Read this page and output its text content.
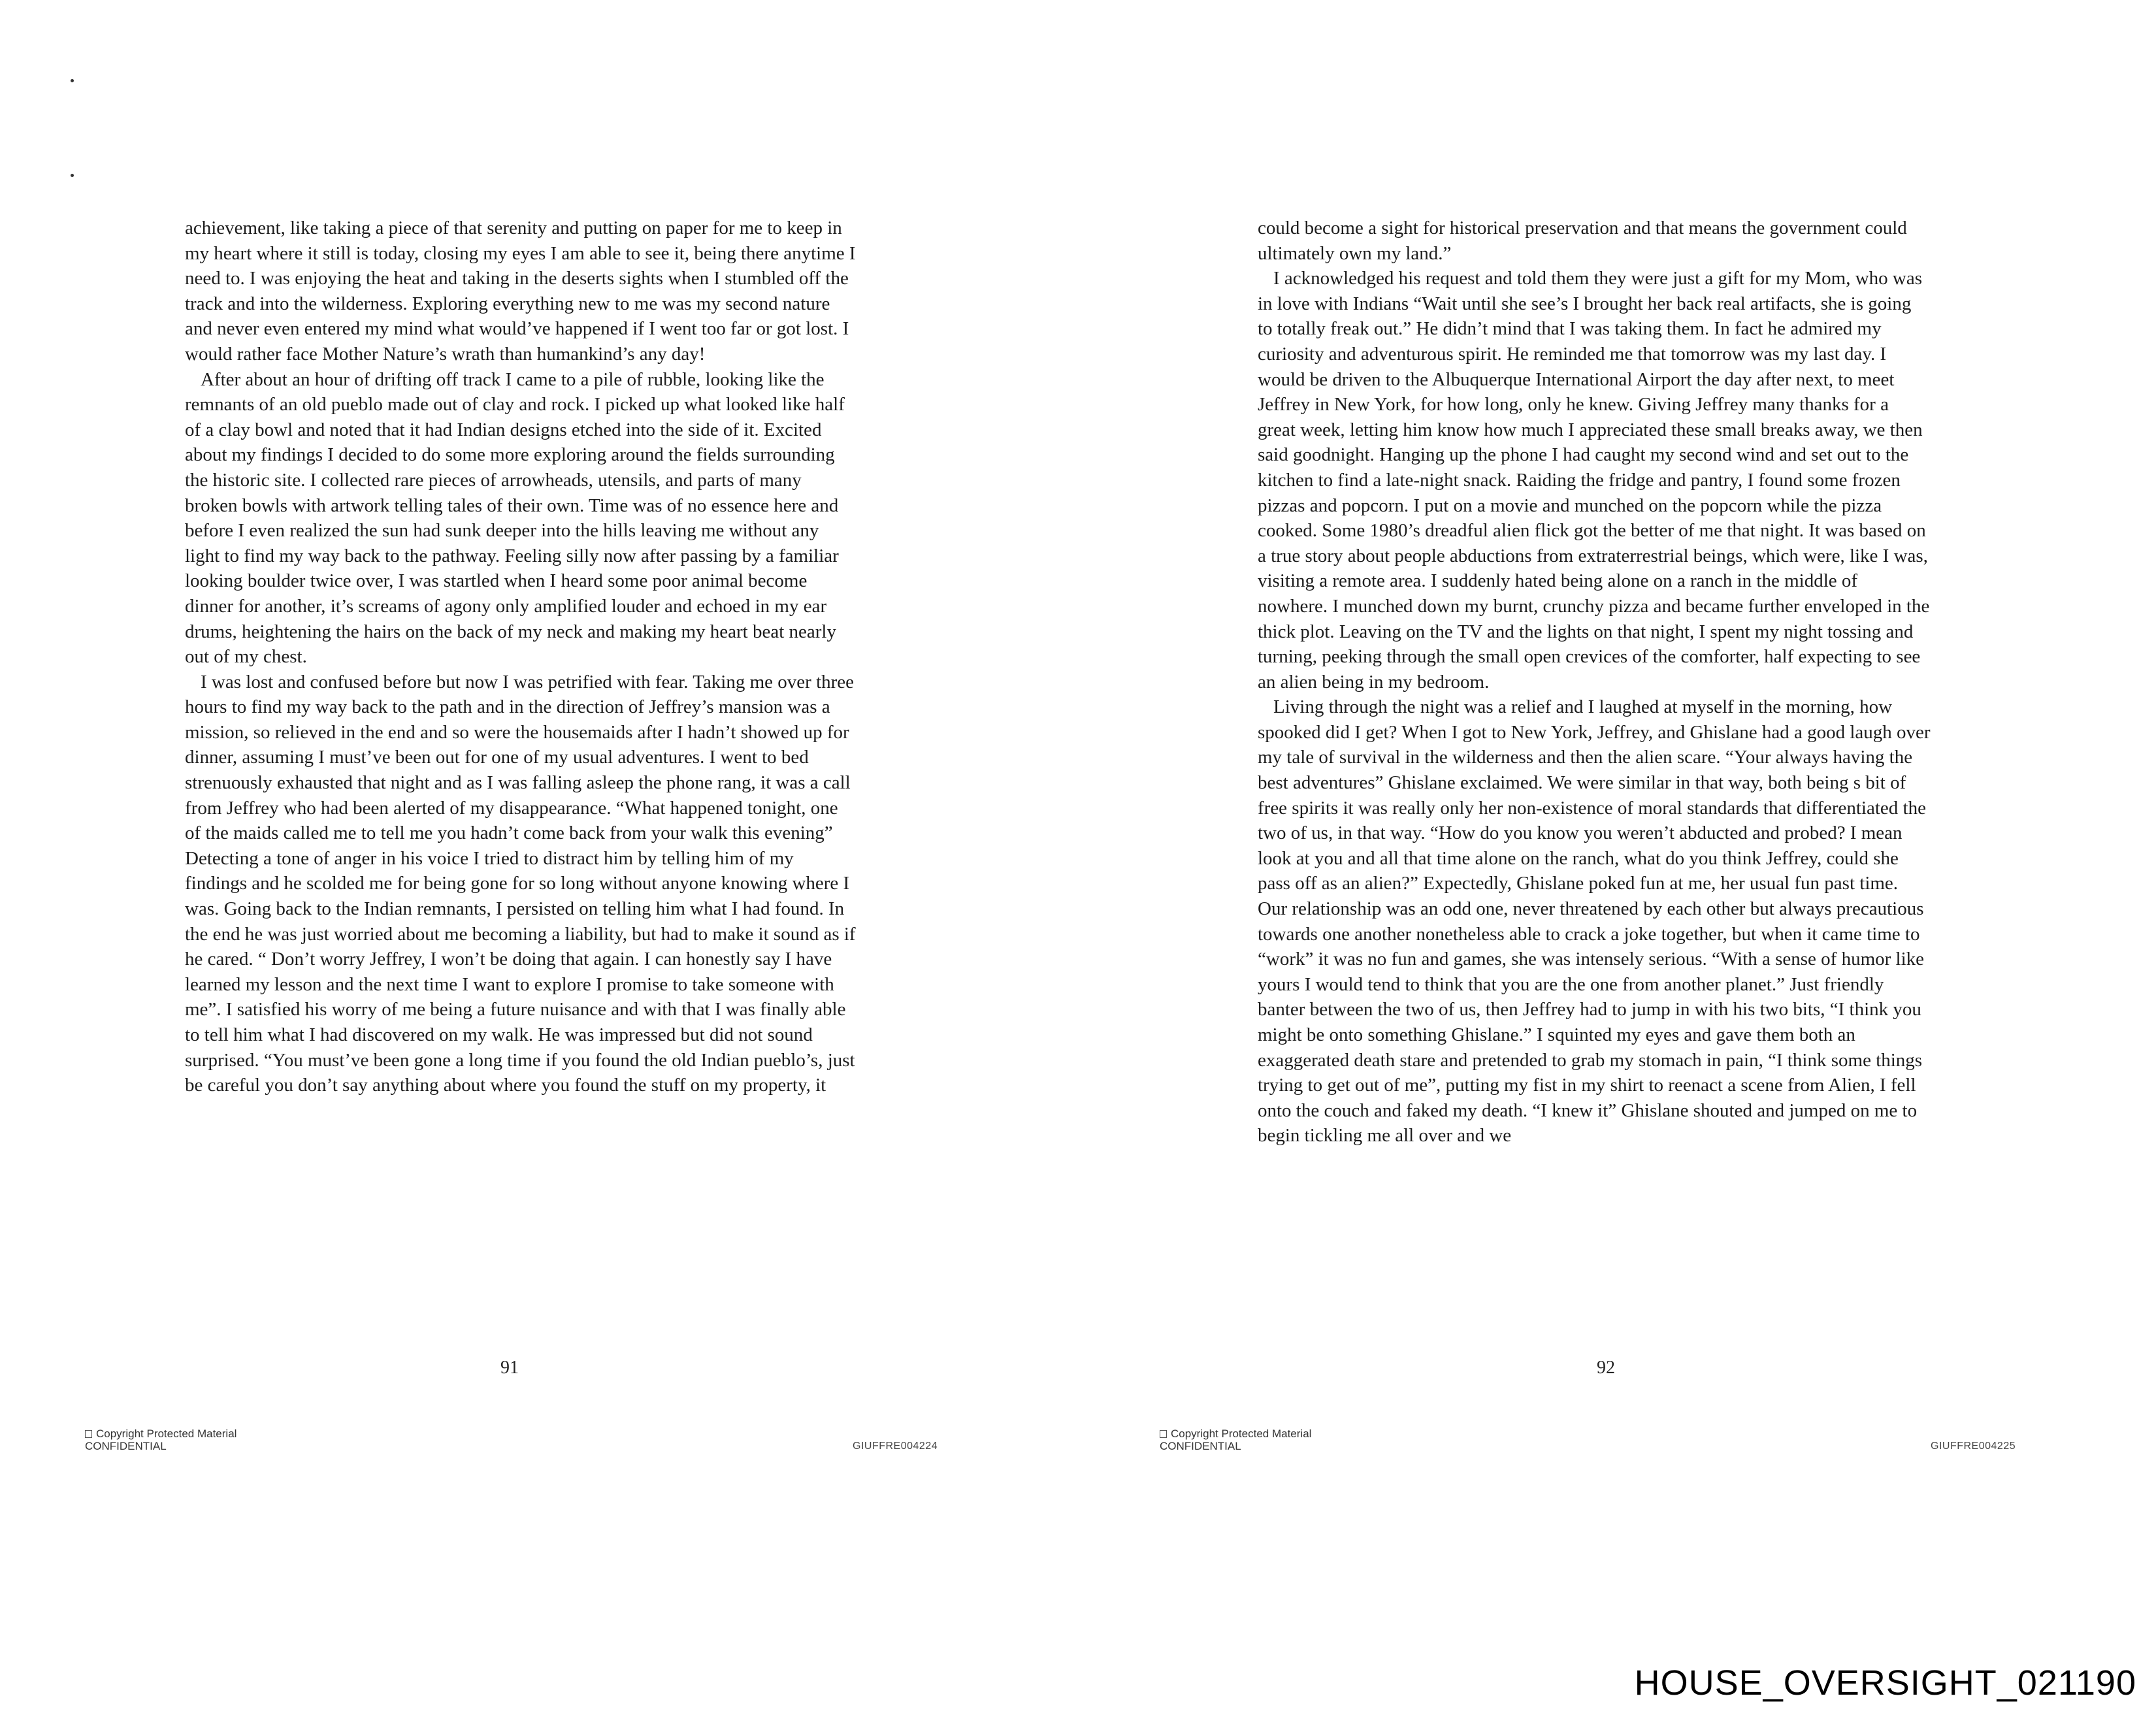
achievement, like taking a piece of that serenity and putting on paper for me to keep in my heart where it still is today, closing my eyes I am able to see it, being there anytime I need to. I was enjoying the heat and taking in the deserts sights when I stumbled off the track and into the wilderness. Exploring everything new to me was my second nature and never even entered my mind what would’ve happened if I went too far or got lost. I would rather face Mother Nature’s wrath than humankind’s any day!

After about an hour of drifting off track I came to a pile of rubble, looking like the remnants of an old pueblo made out of clay and rock. I picked up what looked like half of a clay bowl and noted that it had Indian designs etched into the side of it. Excited about my findings I decided to do some more exploring around the fields surrounding the historic site. I collected rare pieces of arrowheads, utensils, and parts of many broken bowls with artwork telling tales of their own. Time was of no essence here and before I even realized the sun had sunk deeper into the hills leaving me without any light to find my way back to the pathway. Feeling silly now after passing by a familiar looking boulder twice over, I was startled when I heard some poor animal become dinner for another, it’s screams of agony only amplified louder and echoed in my ear drums, heightening the hairs on the back of my neck and making my heart beat nearly out of my chest.

I was lost and confused before but now I was petrified with fear. Taking me over three hours to find my way back to the path and in the direction of Jeffrey’s mansion was a mission, so relieved in the end and so were the housemaids after I hadn’t showed up for dinner, assuming I must’ve been out for one of my usual adventures. I went to bed strenuously exhausted that night and as I was falling asleep the phone rang, it was a call from Jeffrey who had been alerted of my disappearance. “What happened tonight, one of the maids called me to tell me you hadn’t come back from your walk this evening” Detecting a tone of anger in his voice I tried to distract him by telling him of my findings and he scolded me for being gone for so long without anyone knowing where I was. Going back to the Indian remnants, I persisted on telling him what I had found. In the end he was just worried about me becoming a liability, but had to make it sound as if he cared. “ Don’t worry Jeffrey, I won’t be doing that again. I can honestly say I have learned my lesson and the next time I want to explore I promise to take someone with me”. I satisfied his worry of me being a future nuisance and with that I was finally able to tell him what I had discovered on my walk. He was impressed but did not sound surprised. “You must’ve been gone a long time if you found the old Indian pueblo’s, just be careful you don’t say anything about where you found the stuff on my property, it

91
Copyright Protected Material
CONFIDENTIAL	GIUFFRE004224

could become a sight for historical preservation and that means the government could ultimately own my land.”

I acknowledged his request and told them they were just a gift for my Mom, who was in love with Indians “Wait until she see’s I brought her back real artifacts, she is going to totally freak out.” He didn’t mind that I was taking them. In fact he admired my curiosity and adventurous spirit. He reminded me that tomorrow was my last day. I would be driven to the Albuquerque International Airport the day after next, to meet Jeffrey in New York, for how long, only he knew. Giving Jeffrey many thanks for a great week, letting him know how much I appreciated these small breaks away, we then said goodnight. Hanging up the phone I had caught my second wind and set out to the kitchen to find a late-night snack. Raiding the fridge and pantry, I found some frozen pizzas and popcorn. I put on a movie and munched on the popcorn while the pizza cooked. Some 1980’s dreadful alien flick got the better of me that night. It was based on a true story about people abductions from extraterrestrial beings, which were, like I was, visiting a remote area. I suddenly hated being alone on a ranch in the middle of nowhere. I munched down my burnt, crunchy pizza and became further enveloped in the thick plot. Leaving on the TV and the lights on that night, I spent my night tossing and turning, peeking through the small open crevices of the comforter, half expecting to see an alien being in my bedroom.

Living through the night was a relief and I laughed at myself in the morning, how spooked did I get? When I got to New York, Jeffrey, and Ghislane had a good laugh over my tale of survival in the wilderness and then the alien scare. “Your always having the best adventures” Ghislane exclaimed. We were similar in that way, both being s bit of free spirits it was really only her non-existence of moral standards that differentiated the two of us, in that way. “How do you know you weren’t abducted and probed? I mean look at you and all that time alone on the ranch, what do you think Jeffrey, could she pass off as an alien?” Expectedly, Ghislane poked fun at me, her usual fun past time. Our relationship was an odd one, never threatened by each other but always precautious towards one another nonetheless able to crack a joke together, but when it came time to “work” it was no fun and games, she was intensely serious. “With a sense of humor like yours I would tend to think that you are the one from another planet.” Just friendly banter between the two of us, then Jeffrey had to jump in with his two bits, “I think you might be onto something Ghislane.” I squinted my eyes and gave them both an exaggerated death stare and pretended to grab my stomach in pain, “I think some things trying to get out of me”, putting my fist in my shirt to reenact a scene from Alien, I fell onto the couch and faked my death. “I knew it” Ghislane shouted and jumped on me to begin tickling me all over and we

92
Copyright Protected Material
CONFIDENTIAL	GIUFFRE004225
HOUSE_OVERSIGHT_021190
